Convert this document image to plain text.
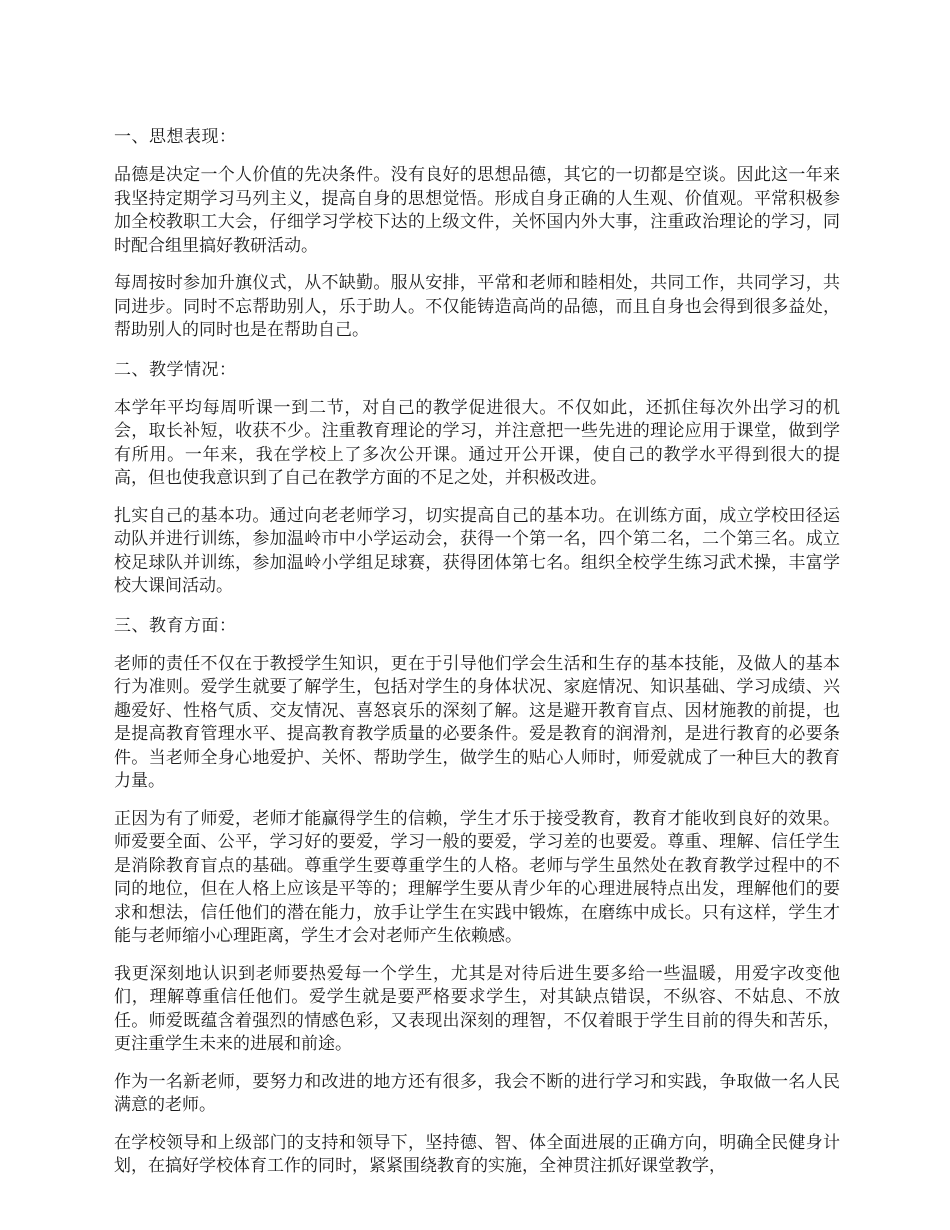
一、思想表现：

品德是决定一个人价值的先决条件。没有良好的思想品德，其它的一切都是空谈。因此这一年来我坚持定期学习马列主义，提高自身的思想觉悟。形成自身正确的人生观、价值观。平常积极参加全校教职工大会，仔细学习学校下达的上级文件，关怀国内外大事，注重政治理论的学习，同时配合组里搞好教研活动。

每周按时参加升旗仪式，从不缺勤。服从安排，平常和老师和睦相处，共同工作，共同学习，共同进步。同时不忘帮助别人，乐于助人。不仅能铸造高尚的品德，而且自身也会得到很多益处，帮助别人的同时也是在帮助自己。

二、教学情况：

本学年平均每周听课一到二节，对自己的教学促进很大。不仅如此，还抓住每次外出学习的机会，取长补短，收获不少。注重教育理论的学习，并注意把一些先进的理论应用于课堂，做到学有所用。一年来，我在学校上了多次公开课。通过开公开课，使自己的教学水平得到很大的提高，但也使我意识到了自己在教学方面的不足之处，并积极改进。

扎实自己的基本功。通过向老老师学习，切实提高自己的基本功。在训练方面，成立学校田径运动队并进行训练，参加温岭市中小学运动会，获得一个第一名，四个第二名，二个第三名。成立校足球队并训练，参加温岭小学组足球赛，获得团体第七名。组织全校学生练习武术操，丰富学校大课间活动。

三、教育方面：

老师的责任不仅在于教授学生知识，更在于引导他们学会生活和生存的基本技能，及做人的基本行为准则。爱学生就要了解学生，包括对学生的身体状况、家庭情况、知识基础、学习成绩、兴趣爱好、性格气质、交友情况、喜怒哀乐的深刻了解。这是避开教育盲点、因材施教的前提，也是提高教育管理水平、提高教育教学质量的必要条件。爱是教育的润滑剂，是进行教育的必要条件。当老师全身心地爱护、关怀、帮助学生，做学生的贴心人师时，师爱就成了一种巨大的教育力量。

正因为有了师爱，老师才能赢得学生的信赖，学生才乐于接受教育，教育才能收到良好的效果。师爱要全面、公平，学习好的要爱，学习一般的要爱，学习差的也要爱。尊重、理解、信任学生是消除教育盲点的基础。尊重学生要尊重学生的人格。老师与学生虽然处在教育教学过程中的不同的地位，但在人格上应该是平等的；理解学生要从青少年的心理进展特点出发，理解他们的要求和想法，信任他们的潜在能力，放手让学生在实践中锻炼，在磨练中成长。只有这样，学生才能与老师缩小心理距离，学生才会对老师产生依赖感。

我更深刻地认识到老师要热爱每一个学生，尤其是对待后进生要多给一些温暖，用爱字改变他们，理解尊重信任他们。爱学生就是要严格要求学生，对其缺点错误，不纵容、不姑息、不放任。师爱既蕴含着强烈的情感色彩，又表现出深刻的理智，不仅着眼于学生目前的得失和苦乐，更注重学生未来的进展和前途。

作为一名新老师，要努力和改进的地方还有很多，我会不断的进行学习和实践，争取做一名人民满意的老师。

在学校领导和上级部门的支持和领导下，坚持德、智、体全面进展的正确方向，明确全民健身计划，在搞好学校体育工作的同时，紧紧围绕教育的实施，全神贯注抓好课堂教学，
